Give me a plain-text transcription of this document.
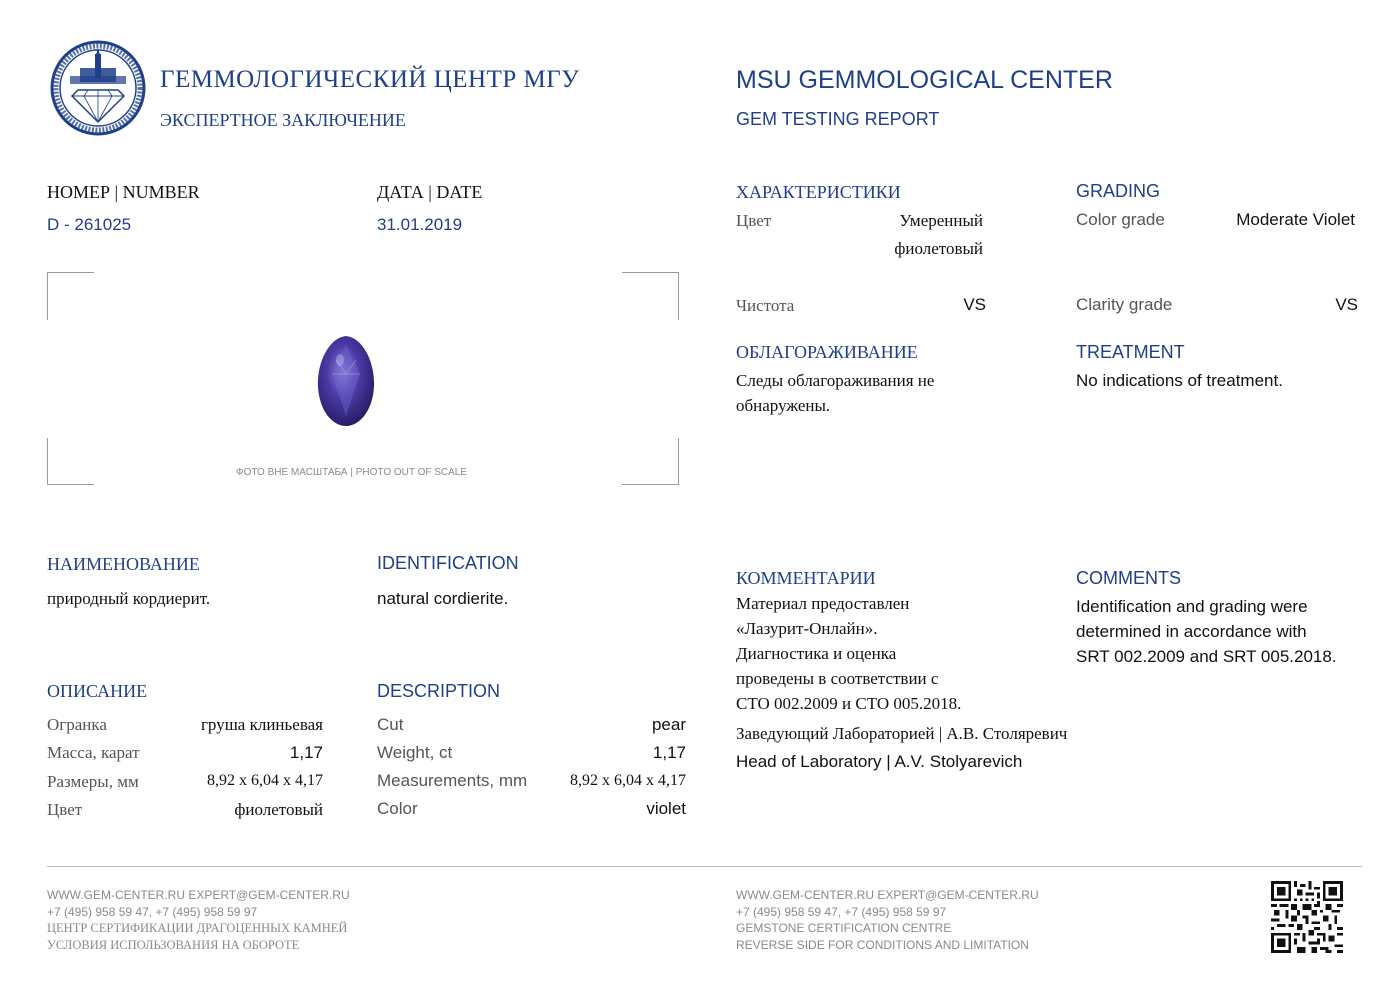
ГЕММОЛОГИЧЕСКИЙ ЦЕНТР МГУ
ЭКСПЕРТНОЕ ЗАКЛЮЧЕНИЕ
MSU GEMMOLOGICAL CENTER
GEM TESTING REPORT
НОМЕР | NUMBER
D - 261025
ДАТА | DATE
31.01.2019
ФОТО ВНЕ МАСШТАБА | PHOTO OUT OF SCALE
ХАРАКТЕРИСТИКИ
Цвет	Умеренный
фиолетовый
Чистота	VS
GRADING
Color grade	Moderate Violet
Clarity grade	VS
ОБЛАГОРАЖИВАНИЕ
Следы облагораживания не
обнаружены.
TREATMENT
No indications of treatment.
НАИМЕНОВАНИЕ
природный кордиерит.
IDENTIFICATION
natural cordierite.
ОПИСАНИЕ
Огранка	груша клиньевая
Масса, карат	1,17
Размеры, мм	8,92 x 6,04 x 4,17
Цвет	фиолетовый
DESCRIPTION
Cut	pear
Weight, ct	1,17
Measurements, mm	8,92 x 6,04 x 4,17
Color	violet
КОММЕНТАРИИ
Материал предоставлен
«Лазурит-Онлайн».
Диагностика и оценка
проведены в соответствии с
СТО 002.2009 и СТО 005.2018.
COMMENTS
Identification and grading were
determined in accordance with
SRT 002.2009 and SRT 005.2018.
Заведующий Лабораторией | А.В. Столяревич
Head of Laboratory | A.V. Stolyarevich
WWW.GEM-CENTER.RU EXPERT@GEM-CENTER.RU
+7 (495) 958 59 47, +7 (495) 958 59 97
ЦЕНТР СЕРТИФИКАЦИИ ДРАГОЦЕННЫХ КАМНЕЙ
УСЛОВИЯ ИСПОЛЬЗОВАНИЯ НА ОБОРОТЕ
WWW.GEM-CENTER.RU EXPERT@GEM-CENTER.RU
+7 (495) 958 59 47, +7 (495) 958 59 97
GEMSTONE CERTIFICATION CENTRE
REVERSE SIDE FOR CONDITIONS AND LIMITATION
